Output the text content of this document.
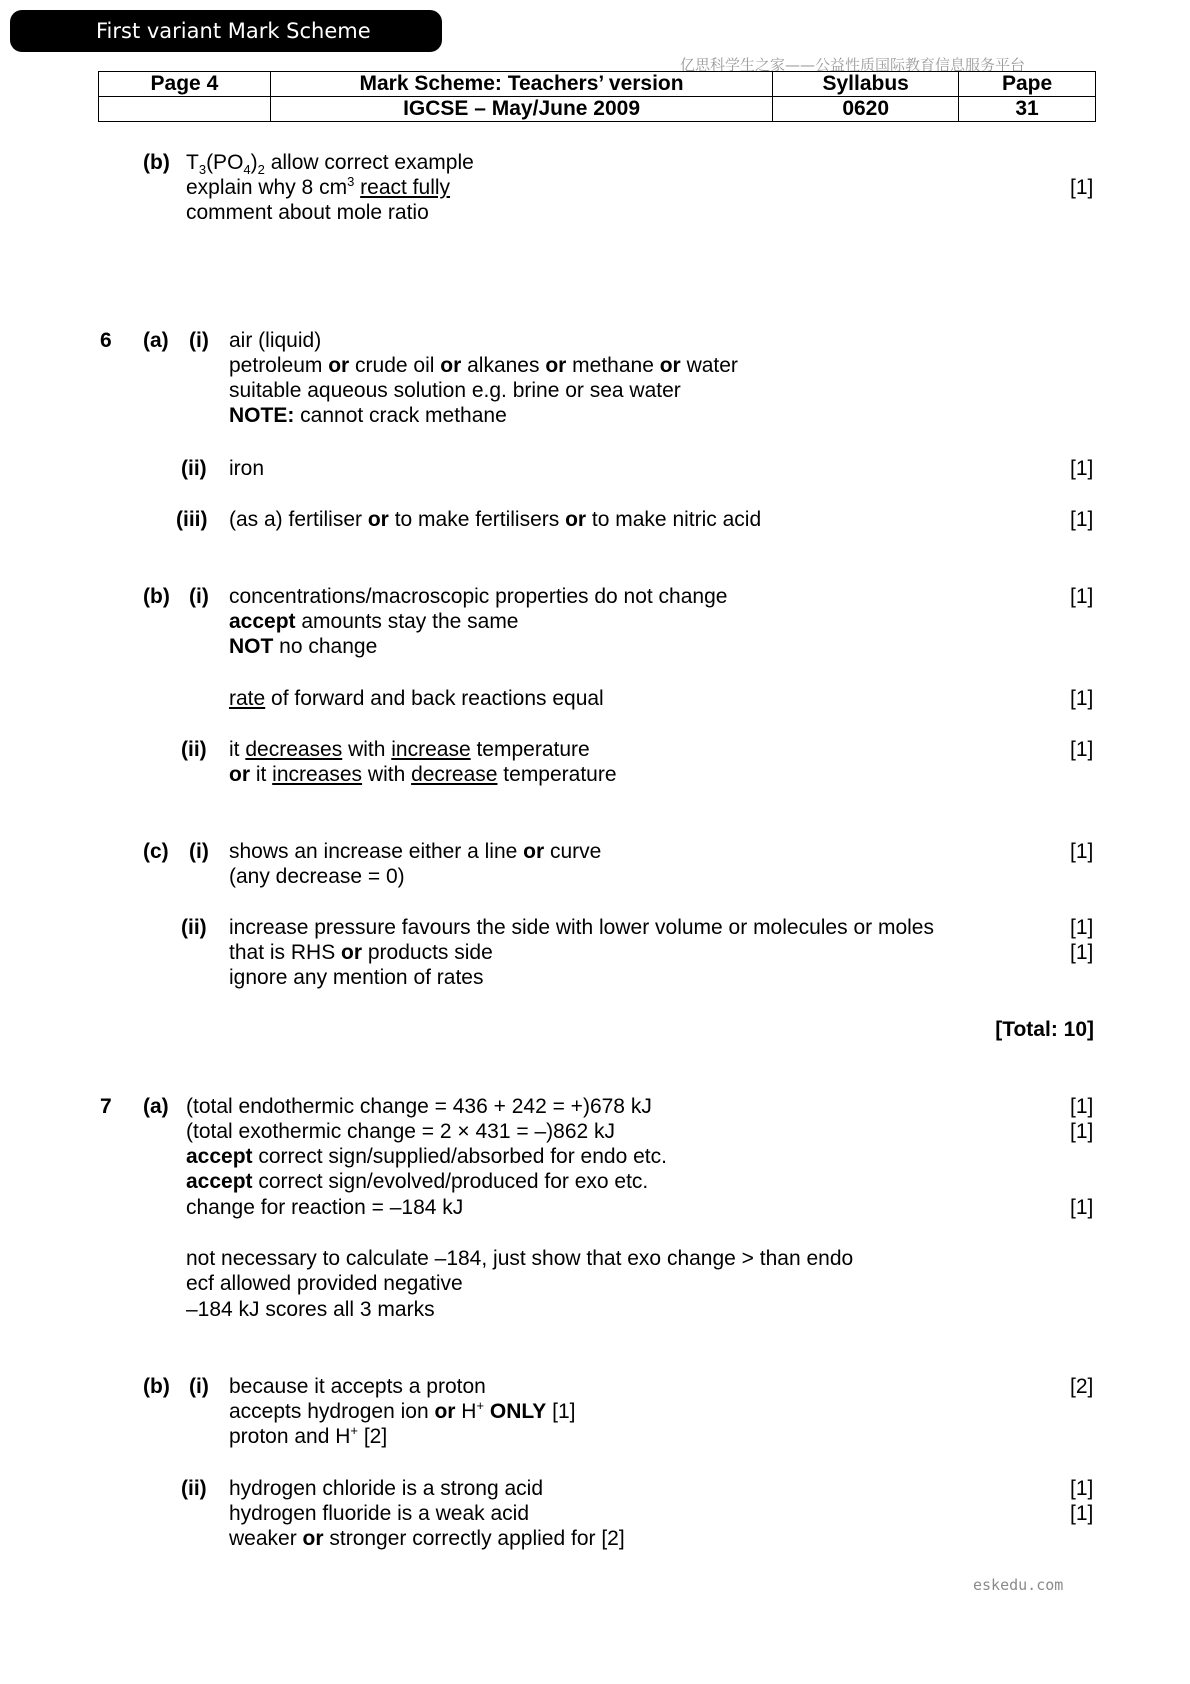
First variant Mark Scheme
亿思科学生之家——公益性质国际教育信息服务平台
Page 4	Mark Scheme: Teachers’ version	Syllabus	Pape
	IGCSE – May/June 2009	0620	31
(b) $T_3(PO_4)_2$ allow correct example
explain why 8 $cm^3$ react fully	[1]
comment about mole ratio
6 (a) (i) air (liquid)
petroleum or crude oil or alkanes or methane or water
suitable aqueous solution e.g. brine or sea water
NOTE: cannot crack methane
(ii) iron	[1]
(iii) (as a) fertiliser or to make fertilisers or to make nitric acid	[1]
(b) (i) concentrations/macroscopic properties do not change	[1]
accept amounts stay the same
NOT no change
rate of forward and back reactions equal	[1]
(ii) it decreases with increase temperature	[1]
or it increases with decrease temperature
(c) (i) shows an increase either a line or curve	[1]
(any decrease = 0)
(ii) increase pressure favours the side with lower volume or molecules or moles	[1]
that is RHS or products side	[1]
ignore any mention of rates
[Total: 10]
7 (a) (total endothermic change = 436 + 242 = +)678 kJ	[1]
(total exothermic change = 2 × 431 = –)862 kJ	[1]
accept correct sign/supplied/absorbed for endo etc.
accept correct sign/evolved/produced for exo etc.
change for reaction = –184 kJ	[1]
not necessary to calculate –184, just show that exo change > than endo
ecf allowed provided negative
–184 kJ scores all 3 marks
(b) (i) because it accepts a proton	[2]
accepts hydrogen ion or H+ ONLY [1]
proton and H+ [2]
(ii) hydrogen chloride is a strong acid	[1]
hydrogen fluoride is a weak acid	[1]
weaker or stronger correctly applied for [2]
eskedu.com
